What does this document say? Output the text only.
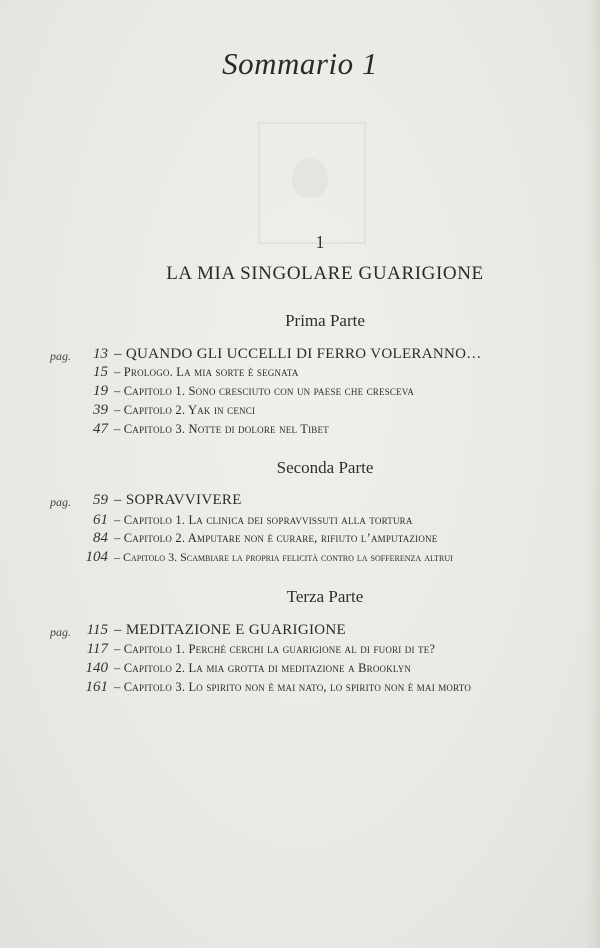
Sommario 1
1
LA MIA SINGOLARE GUARIGIONE
Prima Parte
pag.	13 – QUANDO GLI UCCELLI DI FERRO VOLERANNO…
15 – Prologo. La mia sorte è segnata
19 – Capitolo 1. Sono cresciuto con un paese che cresceva
39 – Capitolo 2. Yak in cenci
47 – Capitolo 3. Notte di dolore nel Tibet
Seconda Parte
pag.	59 – SOPRAVVIVERE
61 – Capitolo 1. La clinica dei sopravvissuti alla tortura
84 – Capitolo 2. Amputare non è curare, rifiuto l’amputazione
104 – Capitolo 3. Scambiare la propria felicità contro la sofferenza altrui
Terza Parte
pag.	115 – MEDITAZIONE E GUARIGIONE
117 – Capitolo 1. Perché cerchi la guarigione al di fuori di te?
140 – Capitolo 2. La mia grotta di meditazione a Brooklyn
161 – Capitolo 3. Lo spirito non è mai nato, lo spirito non è mai morto
